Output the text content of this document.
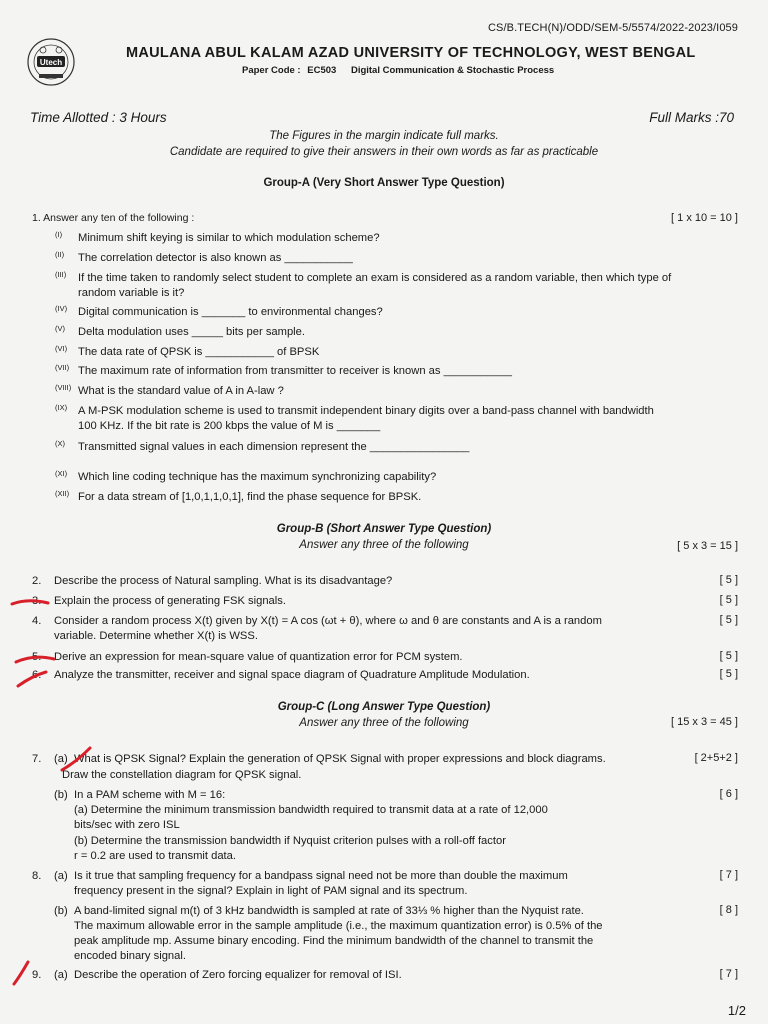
CS/B.TECH(N)/ODD/SEM-5/5574/2022-2023/I059
Utech
MAULANA ABUL KALAM AZAD UNIVERSITY OF TECHNOLOGY, WEST BENGAL
Paper Code : EC503 Digital Communication & Stochastic Process
Time Allotted : 3 Hours	Full Marks :70
The Figures in the margin indicate full marks.
Candidate are required to give their answers in their own words as far as practicable
Group-A (Very Short Answer Type Question)
1. Answer any ten of the following :	[ 1 x 10 = 10 ]
(I) Minimum shift keying is similar to which modulation scheme?
(II) The correlation detector is also known as ___________
(III) If the time taken to randomly select student to complete an exam is considered as a random variable, then which type of
random variable is it?
(IV) Digital communication is _______ to environmental changes?
(V) Delta modulation uses _____ bits per sample.
(VI) The data rate of QPSK is ___________ of BPSK
(VII) The maximum rate of information from transmitter to receiver is known as ___________
(VIII) What is the standard value of A in A-law ?
(IX) A M-PSK modulation scheme is used to transmit independent binary digits over a band-pass channel with bandwidth
100 KHz. If the bit rate is 200 kbps the value of M is _______
(X) Transmitted signal values in each dimension represent the ________________
(XI) Which line coding technique has the maximum synchronizing capability?
(XII) For a data stream of [1,0,1,1,0,1], find the phase sequence for BPSK.
Group-B (Short Answer Type Question)
Answer any three of the following	[ 5 x 3 = 15 ]
2. Describe the process of Natural sampling. What is its disadvantage?	[ 5 ]
3. Explain the process of generating FSK signals.	[ 5 ]
4. Consider a random process X(t) given by X(t) = A cos (ωt + θ), where ω and θ are constants and A is a random	[ 5 ]
variable. Determine whether X(t) is WSS.
5. Derive an expression for mean-square value of quantization error for PCM system.	[ 5 ]
6. Analyze the transmitter, receiver and signal space diagram of Quadrature Amplitude Modulation.	[ 5 ]
Group-C (Long Answer Type Question)
Answer any three of the following	[ 15 x 3 = 45 ]
7. (a) What is QPSK Signal? Explain the generation of QPSK Signal with proper expressions and block diagrams.	[ 2+5+2 ]
Draw the constellation diagram for QPSK signal.
(b) In a PAM scheme with M = 16:	[ 6 ]
(a) Determine the minimum transmission bandwidth required to transmit data at a rate of 12,000
bits/sec with zero ISL
(b) Determine the transmission bandwidth if Nyquist criterion pulses with a roll-off factor
r = 0.2 are used to transmit data.
8. (a) Is it true that sampling frequency for a bandpass signal need not be more than double the maximum	[ 7 ]
frequency present in the signal? Explain in light of PAM signal and its spectrum.
(b) A band-limited signal m(t) of 3 kHz bandwidth is sampled at rate of 33⅓ % higher than the Nyquist rate.	[ 8 ]
The maximum allowable error in the sample amplitude (i.e., the maximum quantization error) is 0.5% of the
peak amplitude mp. Assume binary encoding. Find the minimum bandwidth of the channel to transmit the
encoded binary signal.
9. (a) Describe the operation of Zero forcing equalizer for removal of ISI.	[ 7 ]
1/2
